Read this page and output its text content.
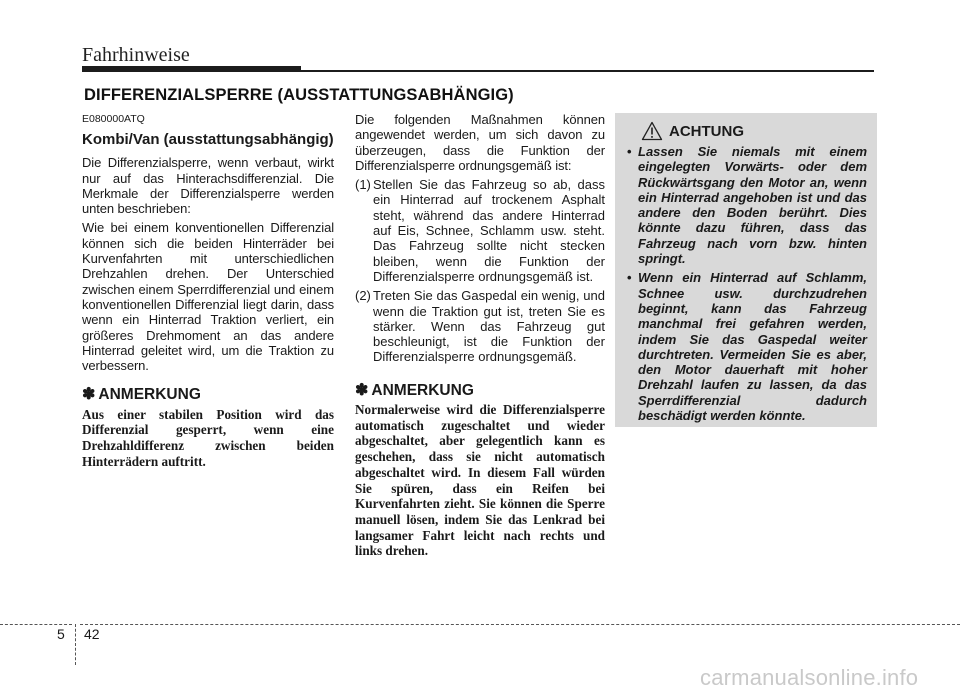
Fahrhinweise
DIFFERENZIALSPERRE (AUSSTATTUNGSABHÄNGIG)

E080000ATQ

Kombi/Van (ausstattungsabhängig)

Die Differenzialsperre, wenn verbaut, wirkt nur auf das Hinterachsdifferenzial. Die Merkmale der Differenzialsperre werden unten beschrieben:

Wie bei einem konventionellen Differenzial können sich die beiden Hinterräder bei Kurvenfahrten mit unterschiedlichen Drehzahlen drehen. Der Unterschied zwischen einem Sperrdifferenzial und einem konventionellen Differenzial liegt darin, dass wenn ein Hinterrad Traktion verliert, ein größeres Drehmoment an das andere Hinterrad geleitet wird, um die Traktion zu verbessern.

✽ ANMERKUNG

Aus einer stabilen Position wird das Differenzial gesperrt, wenn eine Drehzahldifferenz zwischen beiden Hinterrädern auftritt.

Die folgenden Maßnahmen können angewendet werden, um sich davon zu überzeugen, dass die Funktion der Differenzialsperre ordnungsgemäß ist:

(1) Stellen Sie das Fahrzeug so ab, dass ein Hinterrad auf trockenem Asphalt steht, während das andere Hinterrad auf Eis, Schnee, Schlamm usw. steht. Das Fahrzeug sollte nicht stecken bleiben, wenn die Funktion der Differenzialsperre ordnungsgemäß ist.
(2) Treten Sie das Gaspedal ein wenig, und wenn die Traktion gut ist, treten Sie es stärker. Wenn das Fahrzeug gut beschleunigt, ist die Funktion der Differenzialsperre ordnungsgemäß.
✽ ANMERKUNG

Normalerweise wird die Differenzialsperre automatisch zugeschaltet und wieder abgeschaltet, aber gelegentlich kann es geschehen, dass sie nicht automatisch abgeschaltet wird. In diesem Fall würden Sie spüren, dass ein Reifen bei Kurvenfahrten zieht. Sie können die Sperre manuell lösen, indem Sie das Lenkrad bei langsamer Fahrt leicht nach rechts und links drehen.

ACHTUNG
• Lassen Sie niemals mit einem eingelegten Vorwärts- oder dem Rückwärtsgang den Motor an, wenn ein Hinterrad angehoben ist und das andere den Boden berührt. Dies könnte dazu führen, dass das Fahrzeug nach vorn bzw. hinten springt.
• Wenn ein Hinterrad auf Schlamm, Schnee usw. durchzudrehen beginnt, kann das Fahrzeug manchmal frei gefahren werden, indem Sie das Gaspedal weiter durchtreten. Vermeiden Sie es aber, den Motor dauerhaft mit hoher Drehzahl laufen zu lassen, da das Sperrdifferenzial dadurch beschädigt werden könnte.
5 42
carmanualsonline.info
